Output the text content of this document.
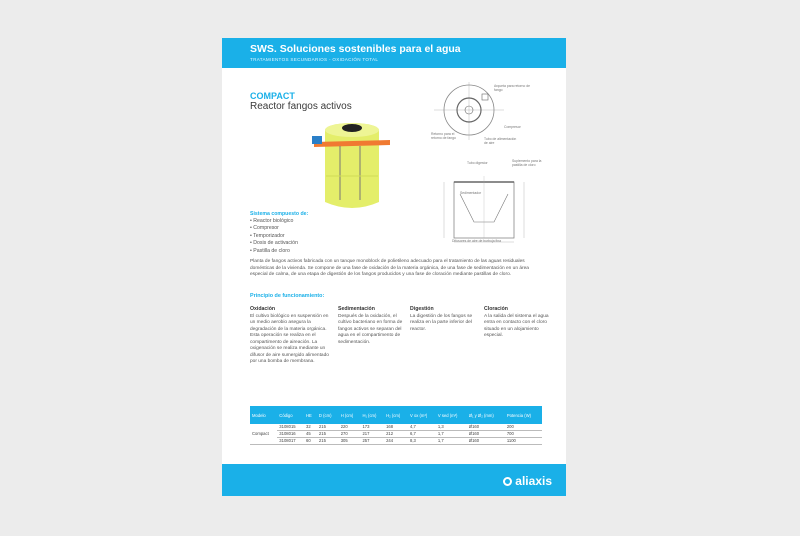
SWS. Soluciones sostenibles para el agua
TRATAMIENTOS SECUNDARIOS - OXIDACIÓN TOTAL
COMPACT
Reactor fangos activos
Arqueta para retorno de fango
Compresor
Retorno para el retorno de fango	Tubo de alimentación de aire
Tubo digestor	Suplemento para la pastilla de cloro
Sedimentador
Difusores de aire de burbuja fina
Sistema compuesto de:
• Reactor biológico
• Compresor
• Temporizador
• Dosis de activación
• Pastilla de cloro
Planta de fangos activos fabricada con un tanque monoblock de polietileno adecuado para el tratamiento de las aguas residuales domésticas de la vivienda. Se compone de una fase de oxidación de la materia orgánica, de una fase de sedimentación en un área especial de calma, de una etapa de digestión de los fangos producidos y una fase de cloración mediante pastillas de cloro.
Principio de funcionamiento:
Oxidación
El cultivo biológico en suspensión en un medio aerobio asegura la degradación de la materia orgánica. Esta operación se realiza en el compartimento de aireación. La oxigenación se realiza mediante un difusor de aire sumergido alimentado por una bomba de membrana.
Sedimentación
Después de la oxidación, el cultivo bacteriano en forma de fangos activos se separan del agua en el compartimento de sedimentación.
Digestión
La digestión de los fangos se realiza en la parte inferior del reactor.
Cloración
A la salida del sistema el agua entra en contacto con el cloro situado en un alojamiento especial.
Modelo	Código	HE	D (cm)	H (cm)	H₁ (cm)	H₂ (cm)	V ox (m³)	V sed (m³)	Ø₁ y Ø₂ (mm)	Potencia (W)
Compact	3108015	32	215	220	173	168	4,7	1,3	Ø160	200
	3108016	45	215	270	217	212	6,7	1,7	Ø160	700
	3108017	60	215	305	257	244	8,3	1,7	Ø160	1100
aliaxis
